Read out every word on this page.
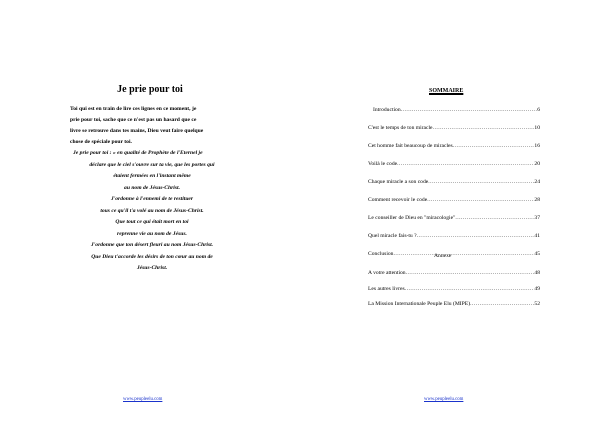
Je prie pour toi

Toi qui est en train de lire ces lignes en ce moment, je

prie pour toi, sache que ce n'est pas un hasard que ce

livre se retrouve dans tes mains, Dieu veut faire quelque

chose de spéciale pour toi.

Je prie pour toi : « en qualité de Prophète de l'Eternel je

déclare que le ciel s'ouvre sur ta vie, que les portes qui

étaient fermées en l'instant même

au nom de Jésus-Christ.

J'ordonne à l'ennemi de te restituer

tous ce qu'il t'a volé au nom de Jésus-Christ.

Que tout ce qui était mort en toi

reprenne vie au nom de Jésus.

J'ordonne que ton désert fleuri au nom Jésus-Christ.

Que Dieu t'accorde les désirs de ton cœur au nom de

Jésus-Christ.

www.peupleelu.com
SOMMAIRE
Introduction .....	6
C'est le temps de ton miracle .....	10
Cet homme fait beaucoup de miracles .....	16
Voilà le code .....	20
Chaque miracle a son code .....	24
Comment recevoir le code .....	28
Le conseiller de Dieu en "miracologie" .....	37
Quel miracle fais-tu ? .....	41
Conclusion .....	45
Annexe
A votre attention .....	48
Les autres livres .....	49
La Mission Internationale Peuple Elu (MIPE) .....	52
www.peupleelu.com
